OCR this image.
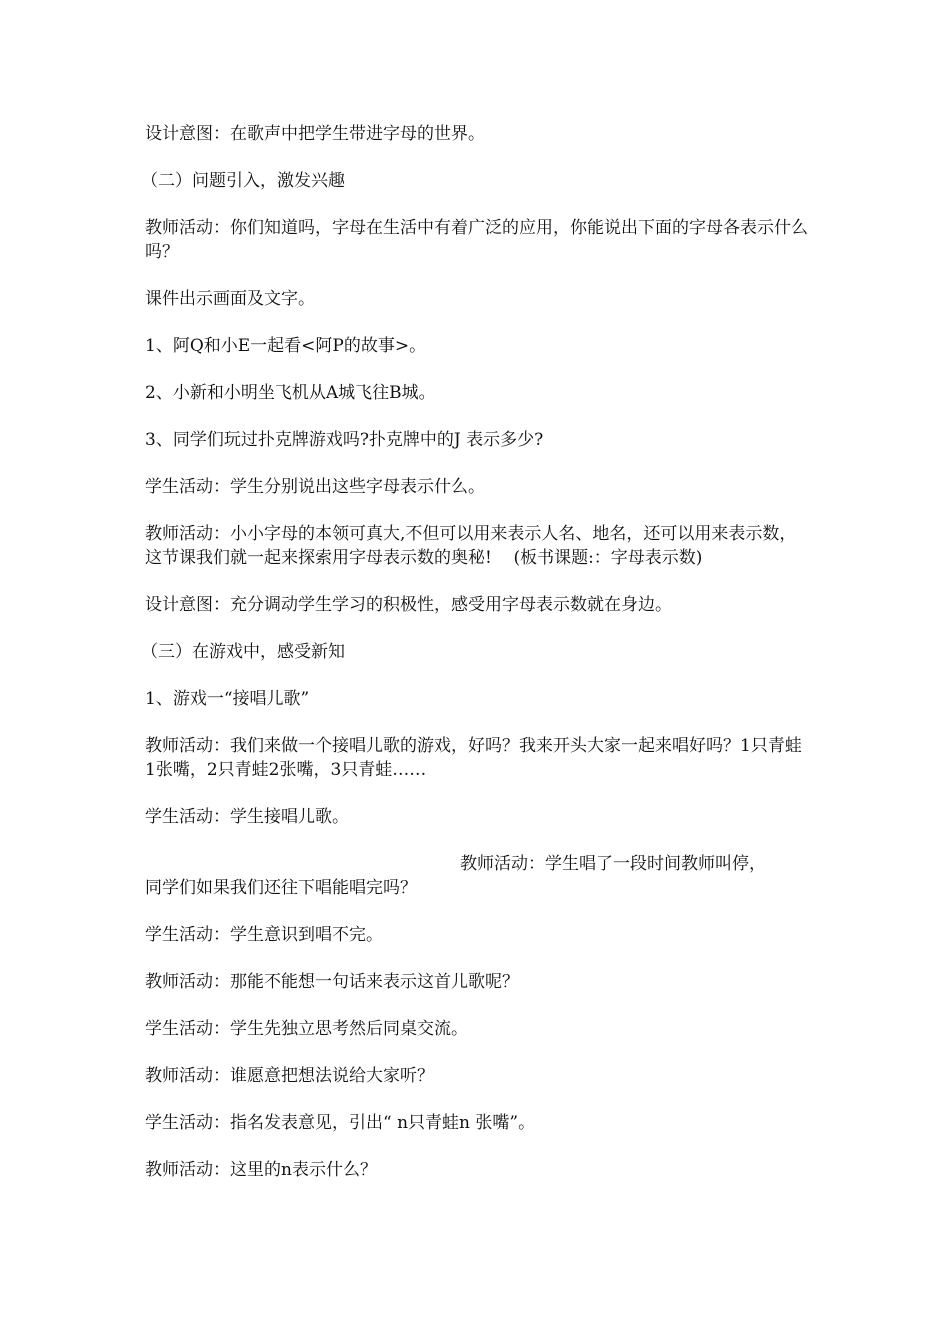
设计意图：在歌声中把学生带进字母的世界。

（二）问题引入，激发兴趣

教师活动：你们知道吗，字母在生活中有着广泛的应用，你能说出下面的字母各表示什么吗？

课件出示画面及文字。

1、阿Q和小E一起看<阿P的故事>。

2、小新和小明坐飞机从A城飞往B城。

3、同学们玩过扑克牌游戏吗?扑克牌中的J 表示多少?

学生活动：学生分别说出这些字母表示什么。

教师活动：小小字母的本领可真大,不但可以用来表示人名、地名，还可以用来表示数，这节课我们就一起来探索用字母表示数的奥秘!    (板书课题:：字母表示数)

设计意图：充分调动学生学习的积极性，感受用字母表示数就在身边。

（三）在游戏中，感受新知

1、游戏一“接唱儿歌”

教师活动：我们来做一个接唱儿歌的游戏，好吗？我来开头大家一起来唱好吗？1只青蛙1张嘴，2只青蛙2张嘴，3只青蛙……

学生活动：学生接唱儿歌。

教师活动：学生唱了一段时间教师叫停，
同学们如果我们还往下唱能唱完吗？

学生活动：学生意识到唱不完。

教师活动：那能不能想一句话来表示这首儿歌呢？

学生活动：学生先独立思考然后同桌交流。

教师活动：谁愿意把想法说给大家听？

学生活动：指名发表意见，引出“ n只青蛙n 张嘴”。

教师活动：这里的n表示什么？
